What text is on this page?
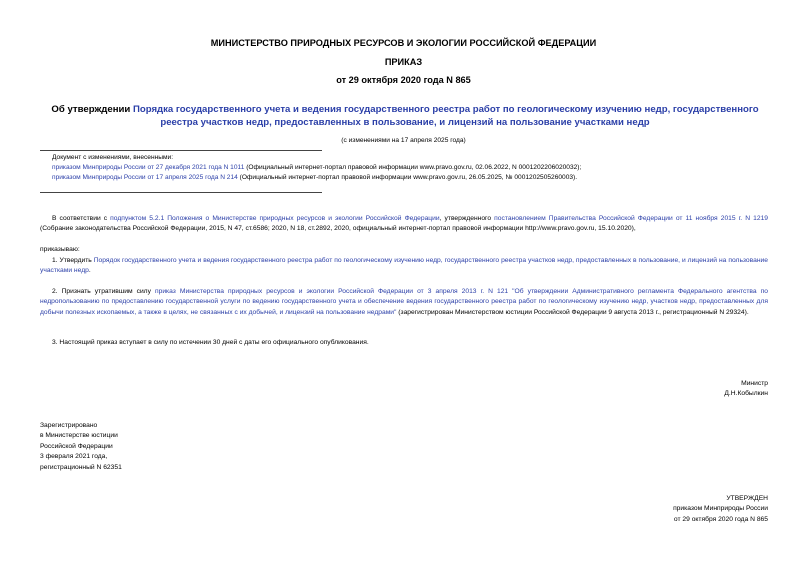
МИНИСТЕРСТВО ПРИРОДНЫХ РЕСУРСОВ И ЭКОЛОГИИ РОССИЙСКОЙ ФЕДЕРАЦИИ
ПРИКАЗ
от 29 октября 2020 года N 865
Об утверждении Порядка государственного учета и ведения государственного реестра работ по геологическому изучению недр, государственного реестра участков недр, предоставленных в пользование, и лицензий на пользование участками недр
(с изменениями на 17 апреля 2025 года)
Документ с изменениями, внесенными:
приказом Минприроды России от 27 декабря 2021 года N 1011 (Официальный интернет-портал правовой информации www.pravo.gov.ru, 02.06.2022, N 0001202206020032);
приказом Минприроды России от 17 апреля 2025 года N 214 (Официальный интернет-портал правовой информации www.pravo.gov.ru, 26.05.2025, № 0001202505260003).
В соответствии с подпунктом 5.2.1 Положения о Министерстве природных ресурсов и экологии Российской Федерации, утвержденного постановлением Правительства Российской Федерации от 11 ноября 2015 г. N 1219 (Собрание законодательства Российской Федерации, 2015, N 47, ст.6586; 2020, N 18, ст.2892, 2020, официальный интернет-портал правовой информации http://www.pravo.gov.ru, 15.10.2020),
приказываю:
1. Утвердить Порядок государственного учета и ведения государственного реестра работ по геологическому изучению недр, государственного реестра участков недр, предоставленных в пользование, и лицензий на пользование участками недр.
2. Признать утратившим силу приказ Министерства природных ресурсов и экологии Российской Федерации от 3 апреля 2013 г. N 121 "Об утверждении Административного регламента Федерального агентства по недропользованию по предоставлению государственной услуги по ведению государственного учета и обеспечение ведения государственного реестра работ по геологическому изучению недр, участков недр, предоставленных для добычи полезных ископаемых, а также в целях, не связанных с их добычей, и лицензий на пользование недрами" (зарегистрирован Министерством юстиции Российской Федерации 9 августа 2013 г., регистрационный N 29324).
3. Настоящий приказ вступает в силу по истечении 30 дней с даты его официального опубликования.
Министр
Д.Н.Кобылкин
Зарегистрировано
в Министерстве юстиции
Российской Федерации
3 февраля 2021 года,
регистрационный N 62351
УТВЕРЖДЕН
приказом Минприроды России
от 29 октября 2020 года N 865
